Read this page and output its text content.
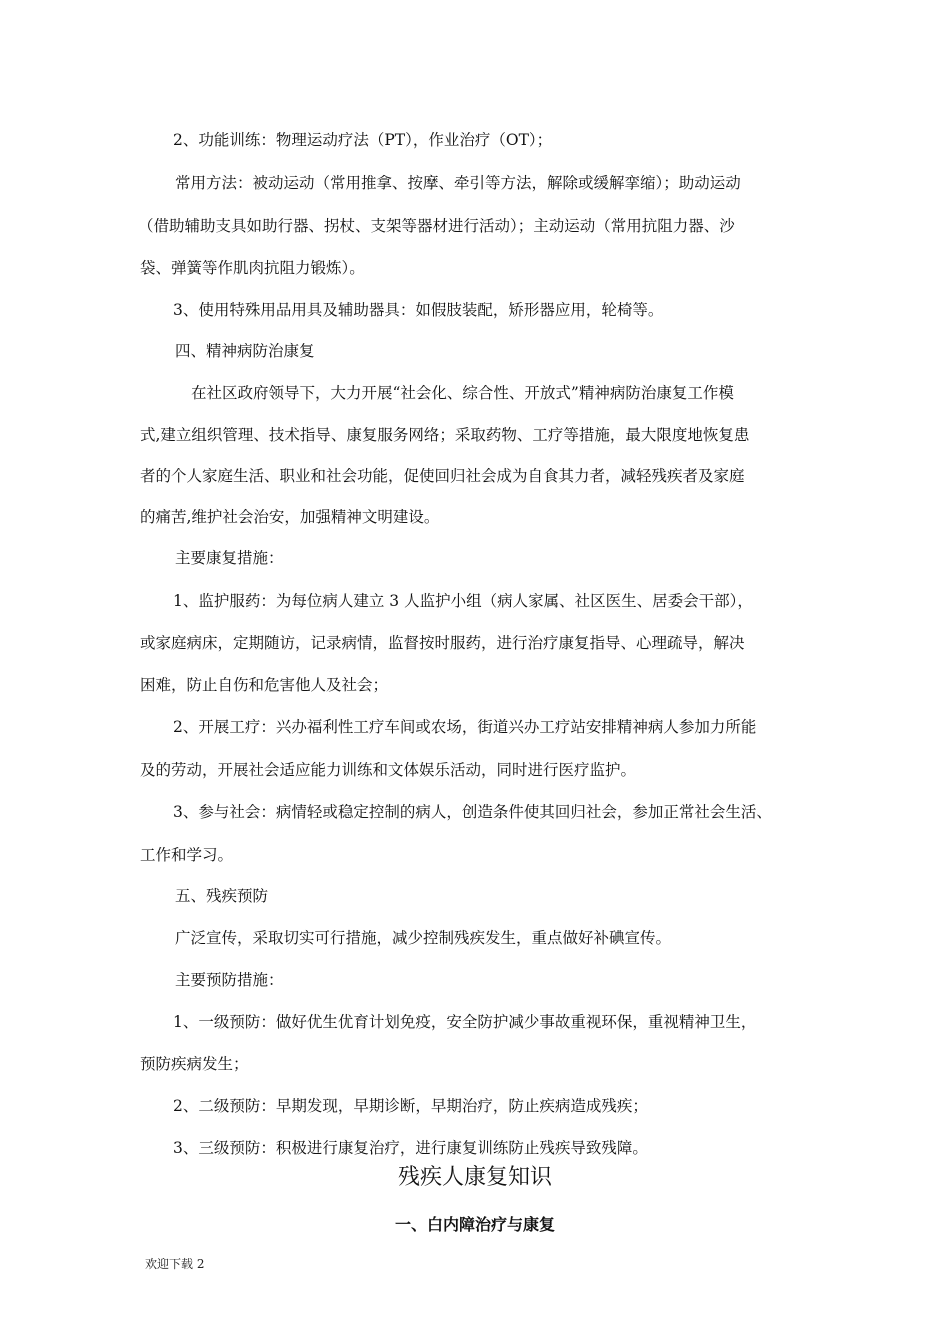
2、功能训练：物理运动疗法（PT），作业治疗（OT）；
常用方法：被动运动（常用推拿、按摩、牵引等方法，解除或缓解挛缩）；助动运动
（借助辅助支具如助行器、拐杖、支架等器材进行活动）；主动运动（常用抗阻力器、沙
袋、弹簧等作肌肉抗阻力锻炼）。
3、使用特殊用品用具及辅助器具：如假肢装配，矫形器应用，轮椅等。
四、精神病防治康复
在社区政府领导下，大力开展“社会化、综合性、开放式”精神病防治康复工作模
式,建立组织管理、技术指导、康复服务网络；采取药物、工疗等措施，最大限度地恢复患
者的个人家庭生活、职业和社会功能，促使回归社会成为自食其力者，减轻残疾者及家庭
的痛苦,维护社会治安，加强精神文明建设。
主要康复措施：
1、监护服药：为每位病人建立 3 人监护小组（病人家属、社区医生、居委会干部），
或家庭病床，定期随访，记录病情，监督按时服药，进行治疗康复指导、心理疏导，解决
困难，防止自伤和危害他人及社会；
2、开展工疗：兴办福利性工疗车间或农场，街道兴办工疗站安排精神病人参加力所能
及的劳动，开展社会适应能力训练和文体娱乐活动，同时进行医疗监护。
3、参与社会：病情轻或稳定控制的病人，创造条件使其回归社会，参加正常社会生活、
工作和学习。
五、残疾预防
广泛宣传，采取切实可行措施，减少控制残疾发生，重点做好补碘宣传。
主要预防措施：
1、一级预防：做好优生优育计划免疫，安全防护减少事故重视环保，重视精神卫生，
预防疾病发生；
2、二级预防：早期发现，早期诊断，早期治疗，防止疾病造成残疾；
3、三级预防：积极进行康复治疗，进行康复训练防止残疾导致残障。
残疾人康复知识
一、白内障治疗与康复
欢迎下载 2
